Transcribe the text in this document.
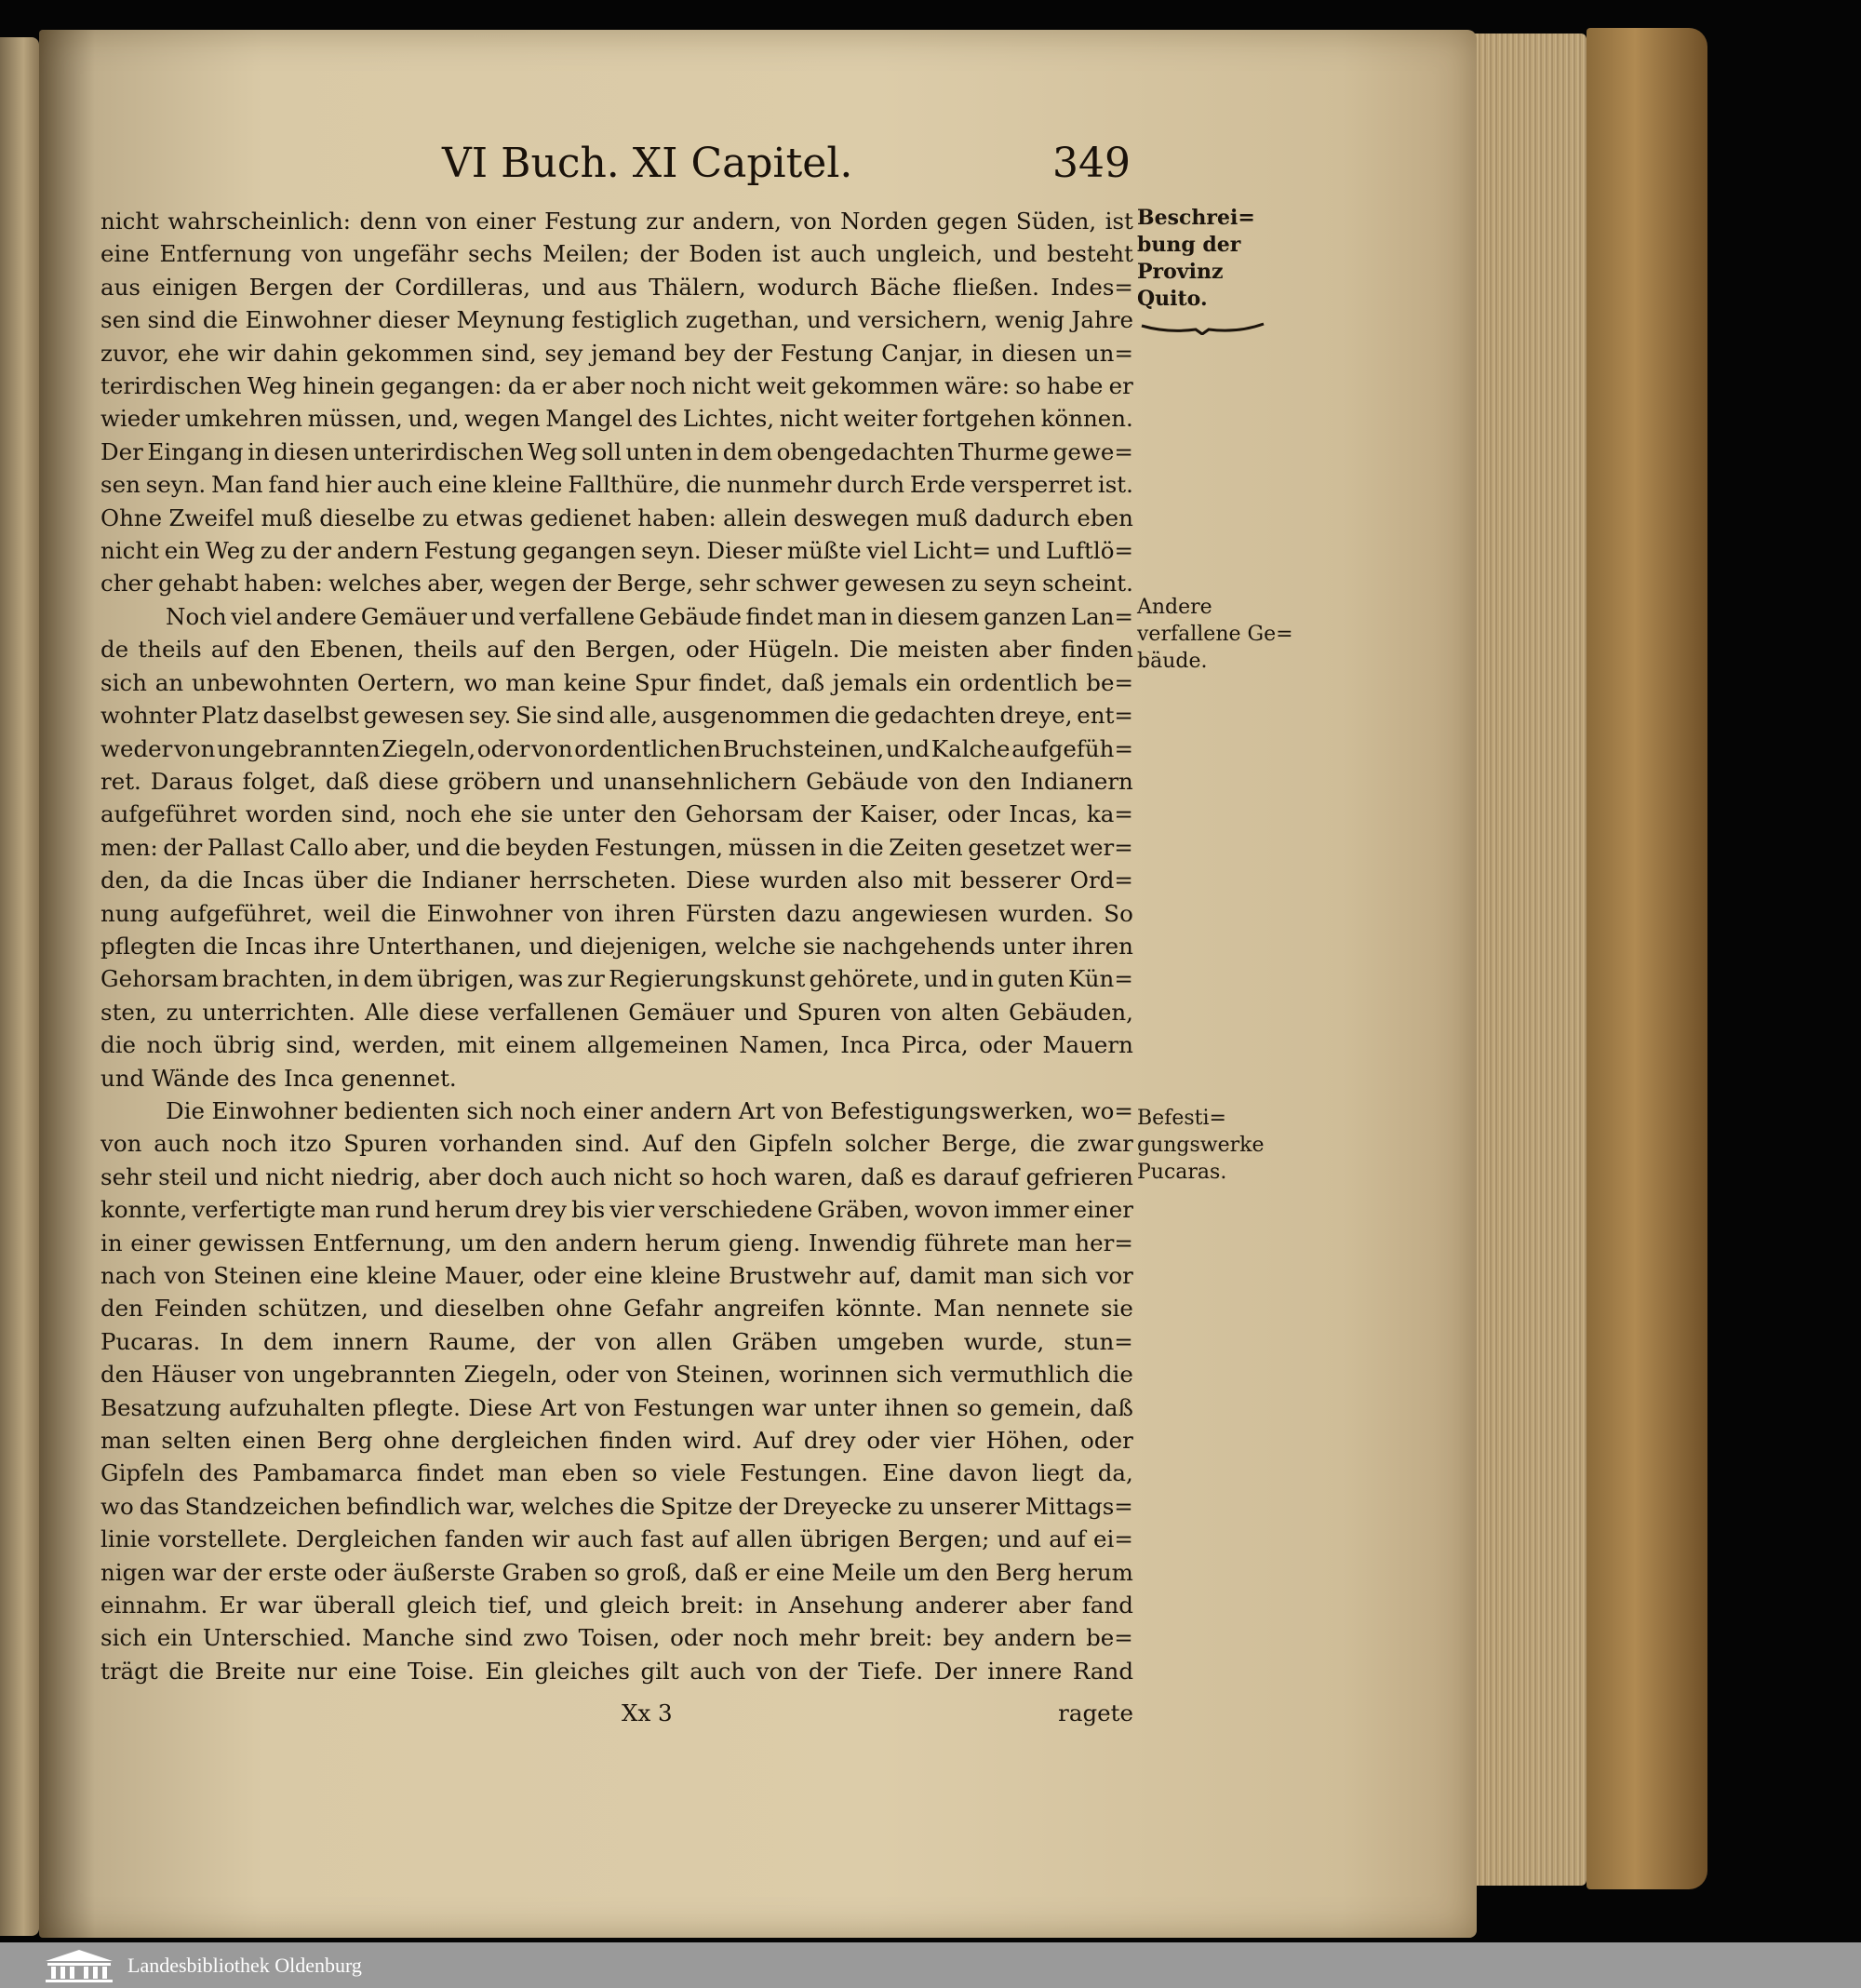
VI Buch. XI Capitel.	349
nicht wahrscheinlich: denn von einer Festung zur andern, von Norden gegen Süden, ist
eine Entfernung von ungefähr sechs Meilen; der Boden ist auch ungleich, und besteht
aus einigen Bergen der Cordilleras, und aus Thälern, wodurch Bäche fließen. Indes=
sen sind die Einwohner dieser Meynung festiglich zugethan, und versichern, wenig Jahre
zuvor, ehe wir dahin gekommen sind, sey jemand bey der Festung Canjar, in diesen un=
terirdischen Weg hinein gegangen: da er aber noch nicht weit gekommen wäre: so habe er
wieder umkehren müssen, und, wegen Mangel des Lichtes, nicht weiter fortgehen können.
Der Eingang in diesen unterirdischen Weg soll unten in dem obengedachten Thurme gewe=
sen seyn. Man fand hier auch eine kleine Fallthüre, die nunmehr durch Erde versperret ist.
Ohne Zweifel muß dieselbe zu etwas gedienet haben: allein deswegen muß dadurch eben
nicht ein Weg zu der andern Festung gegangen seyn. Dieser müßte viel Licht= und Luftlö=
cher gehabt haben: welches aber, wegen der Berge, sehr schwer gewesen zu seyn scheint.
Noch viel andere Gemäuer und verfallene Gebäude findet man in diesem ganzen Lan=
de theils auf den Ebenen, theils auf den Bergen, oder Hügeln. Die meisten aber finden
sich an unbewohnten Oertern, wo man keine Spur findet, daß jemals ein ordentlich be=
wohnter Platz daselbst gewesen sey. Sie sind alle, ausgenommen die gedachten dreye, ent=
weder von ungebrannten Ziegeln, oder von ordentlichen Bruchsteinen, und Kalche aufgefüh=
ret. Daraus folget, daß diese gröbern und unansehnlichern Gebäude von den Indianern
aufgeführet worden sind, noch ehe sie unter den Gehorsam der Kaiser, oder Incas, ka=
men: der Pallast Callo aber, und die beyden Festungen, müssen in die Zeiten gesetzet wer=
den, da die Incas über die Indianer herrscheten. Diese wurden also mit besserer Ord=
nung aufgeführet, weil die Einwohner von ihren Fürsten dazu angewiesen wurden. So
pflegten die Incas ihre Unterthanen, und diejenigen, welche sie nachgehends unter ihren
Gehorsam brachten, in dem übrigen, was zur Regierungskunst gehörete, und in guten Kün=
sten, zu unterrichten. Alle diese verfallenen Gemäuer und Spuren von alten Gebäuden,
die noch übrig sind, werden, mit einem allgemeinen Namen, Inca Pirca, oder Mauern
und Wände des Inca genennet.
Die Einwohner bedienten sich noch einer andern Art von Befestigungswerken, wo=
von auch noch itzo Spuren vorhanden sind. Auf den Gipfeln solcher Berge, die zwar
sehr steil und nicht niedrig, aber doch auch nicht so hoch waren, daß es darauf gefrieren
konnte, verfertigte man rund herum drey bis vier verschiedene Gräben, wovon immer einer
in einer gewissen Entfernung, um den andern herum gieng. Inwendig führete man her=
nach von Steinen eine kleine Mauer, oder eine kleine Brustwehr auf, damit man sich vor
den Feinden schützen, und dieselben ohne Gefahr angreifen könnte. Man nennete sie
Pucaras. In dem innern Raume, der von allen Gräben umgeben wurde, stun=
den Häuser von ungebrannten Ziegeln, oder von Steinen, worinnen sich vermuthlich die
Besatzung aufzuhalten pflegte. Diese Art von Festungen war unter ihnen so gemein, daß
man selten einen Berg ohne dergleichen finden wird. Auf drey oder vier Höhen, oder
Gipfeln des Pambamarca findet man eben so viele Festungen. Eine davon liegt da,
wo das Standzeichen befindlich war, welches die Spitze der Dreyecke zu unserer Mittags=
linie vorstellete. Dergleichen fanden wir auch fast auf allen übrigen Bergen; und auf ei=
nigen war der erste oder äußerste Graben so groß, daß er eine Meile um den Berg herum
einnahm. Er war überall gleich tief, und gleich breit: in Ansehung anderer aber fand
sich ein Unterschied. Manche sind zwo Toisen, oder noch mehr breit: bey andern be=
trägt die Breite nur eine Toise. Ein gleiches gilt auch von der Tiefe. Der innere Rand
Beschrei=
bung der
Provinz
Quito.
Andere
verfallene Ge=
bäude.
Befesti=
gungswerke
Pucaras.
Xx 3	ragete
Landesbibliothek Oldenburg
